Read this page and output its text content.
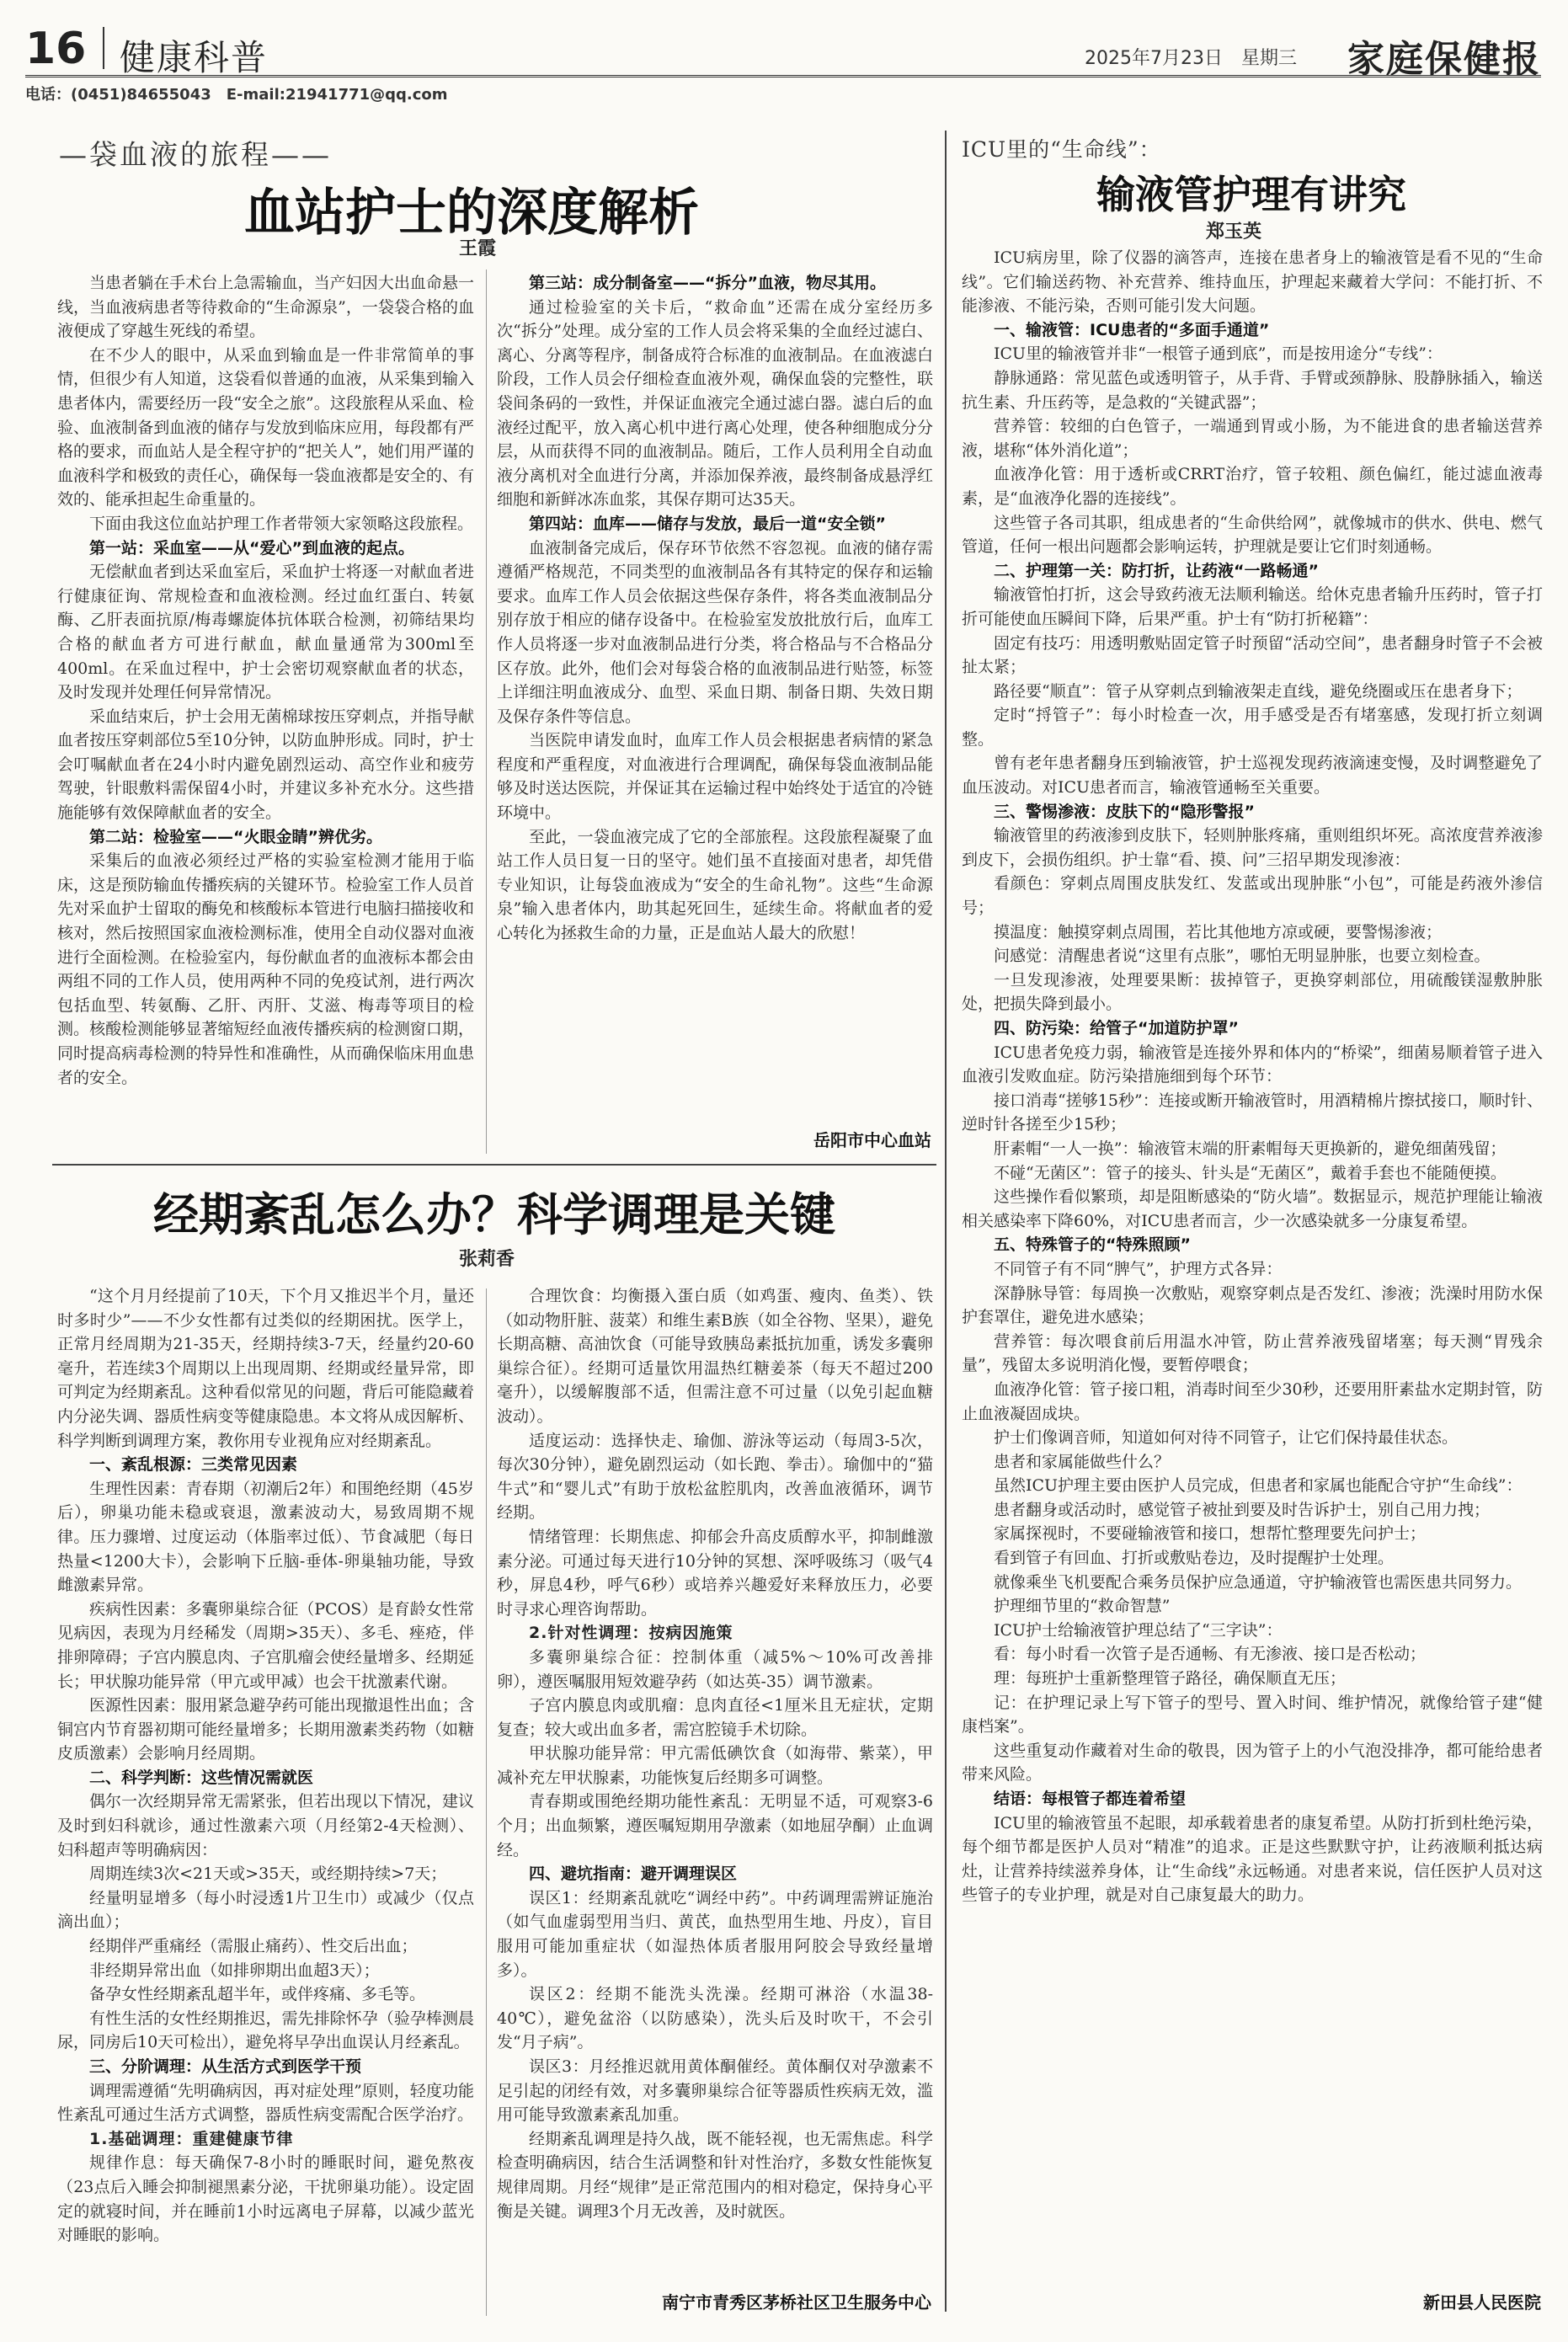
16 健康科普	2025年7月23日　星期三 家庭保健报
电话：(0451)84655043　E-mail:21941771@qq.com
—袋血液的旅程——
血站护士的深度解析
王霞

当患者躺在手术台上急需输血，当产妇因大出血命悬一线，当血液病患者等待救命的“生命源泉”，一袋袋合格的血液便成了穿越生死线的希望。

在不少人的眼中，从采血到输血是一件非常简单的事情，但很少有人知道，这袋看似普通的血液，从采集到输入患者体内，需要经历一段“安全之旅”。这段旅程从采血、检验、血液制备到血液的储存与发放到临床应用，每段都有严格的要求，而血站人是全程守护的“把关人”，她们用严谨的血液科学和极致的责任心，确保每一袋血液都是安全的、有效的、能承担起生命重量的。

下面由我这位血站护理工作者带领大家领略这段旅程。

第一站：采血室——从“爱心”到血液的起点。

无偿献血者到达采血室后，采血护士将逐一对献血者进行健康征询、常规检查和血液检测。经过血红蛋白、转氨酶、乙肝表面抗原/梅毒螺旋体抗体联合检测，初筛结果均合格的献血者方可进行献血，献血量通常为300ml至400ml。在采血过程中，护士会密切观察献血者的状态，及时发现并处理任何异常情况。

采血结束后，护士会用无菌棉球按压穿刺点，并指导献血者按压穿刺部位5至10分钟，以防血肿形成。同时，护士会叮嘱献血者在24小时内避免剧烈运动、高空作业和疲劳驾驶，针眼敷料需保留4小时，并建议多补充水分。这些措施能够有效保障献血者的安全。

第二站：检验室——“火眼金睛”辨优劣。

采集后的血液必须经过严格的实验室检测才能用于临床，这是预防输血传播疾病的关键环节。检验室工作人员首先对采血护士留取的酶免和核酸标本管进行电脑扫描接收和核对，然后按照国家血液检测标准，使用全自动仪器对血液进行全面检测。在检验室内，每份献血者的血液标本都会由两组不同的工作人员，使用两种不同的免疫试剂，进行两次包括血型、转氨酶、乙肝、丙肝、艾滋、梅毒等项目的检测。核酸检测能够显著缩短经血液传播疾病的检测窗口期，同时提高病毒检测的特异性和准确性，从而确保临床用血患者的安全。

第三站：成分制备室——“拆分”血液，物尽其用。

通过检验室的关卡后，“救命血”还需在成分室经历多次“拆分”处理。成分室的工作人员会将采集的全血经过滤白、离心、分离等程序，制备成符合标准的血液制品。在血液滤白阶段，工作人员会仔细检查血液外观，确保血袋的完整性，联袋间条码的一致性，并保证血液完全通过滤白器。滤白后的血液经过配平，放入离心机中进行离心处理，使各种细胞成分分层，从而获得不同的血液制品。随后，工作人员利用全自动血液分离机对全血进行分离，并添加保养液，最终制备成悬浮红细胞和新鲜冰冻血浆，其保存期可达35天。

第四站：血库——储存与发放，最后一道“安全锁”

血液制备完成后，保存环节依然不容忽视。血液的储存需遵循严格规范，不同类型的血液制品各有其特定的保存和运输要求。血库工作人员会依据这些保存条件，将各类血液制品分别存放于相应的储存设备中。在检验室发放批放行后，血库工作人员将逐一步对血液制品进行分类，将合格品与不合格品分区存放。此外，他们会对每袋合格的血液制品进行贴签，标签上详细注明血液成分、血型、采血日期、制备日期、失效日期及保存条件等信息。

当医院申请发血时，血库工作人员会根据患者病情的紧急程度和严重程度，对血液进行合理调配，确保每袋血液制品能够及时送达医院，并保证其在运输过程中始终处于适宜的冷链环境中。

至此，一袋血液完成了它的全部旅程。这段旅程凝聚了血站工作人员日复一日的坚守。她们虽不直接面对患者，却凭借专业知识，让每袋血液成为“安全的生命礼物”。这些“生命源泉”输入患者体内，助其起死回生，延续生命。将献血者的爱心转化为拯救生命的力量，正是血站人最大的欣慰！

岳阳市中心血站
经期紊乱怎么办？科学调理是关键
张莉香

“这个月月经提前了10天，下个月又推迟半个月，量还时多时少”——不少女性都有过类似的经期困扰。医学上，正常月经周期为21-35天，经期持续3-7天，经量约20-60毫升，若连续3个周期以上出现周期、经期或经量异常，即可判定为经期紊乱。这种看似常见的问题，背后可能隐藏着内分泌失调、器质性病变等健康隐患。本文将从成因解析、科学判断到调理方案，教你用专业视角应对经期紊乱。

一、紊乱根源：三类常见因素

生理性因素：青春期（初潮后2年）和围绝经期（45岁后），卵巢功能未稳或衰退，激素波动大，易致周期不规律。压力骤增、过度运动（体脂率过低）、节食减肥（每日热量<1200大卡），会影响下丘脑-垂体-卵巢轴功能，导致雌激素异常。

疾病性因素：多囊卵巢综合征（PCOS）是育龄女性常见病因，表现为月经稀发（周期>35天）、多毛、痤疮，伴排卵障碍；子宫内膜息肉、子宫肌瘤会使经量增多、经期延长；甲状腺功能异常（甲亢或甲减）也会干扰激素代谢。

医源性因素：服用紧急避孕药可能出现撤退性出血；含铜宫内节育器初期可能经量增多；长期用激素类药物（如糖皮质激素）会影响月经周期。

二、科学判断：这些情况需就医

偶尔一次经期异常无需紧张，但若出现以下情况，建议及时到妇科就诊，通过性激素六项（月经第2-4天检测）、妇科超声等明确病因：

周期连续3次<21天或>35天，或经期持续>7天；

经量明显增多（每小时浸透1片卫生巾）或减少（仅点滴出血）；

经期伴严重痛经（需服止痛药）、性交后出血；

非经期异常出血（如排卵期出血超3天）；

备孕女性经期紊乱超半年，或伴疼痛、多毛等。

有性生活的女性经期推迟，需先排除怀孕（验孕棒测晨尿，同房后10天可检出），避免将早孕出血误认月经紊乱。

三、分阶调理：从生活方式到医学干预

调理需遵循“先明确病因，再对症处理”原则，轻度功能性紊乱可通过生活方式调整，器质性病变需配合医学治疗。

1.基础调理：重建健康节律

规律作息：每天确保7-8小时的睡眠时间，避免熬夜（23点后入睡会抑制褪黑素分泌，干扰卵巢功能）。设定固定的就寝时间，并在睡前1小时远离电子屏幕，以减少蓝光对睡眠的影响。

合理饮食：均衡摄入蛋白质（如鸡蛋、瘦肉、鱼类）、铁（如动物肝脏、菠菜）和维生素B族（如全谷物、坚果），避免长期高糖、高油饮食（可能导致胰岛素抵抗加重，诱发多囊卵巢综合征）。经期可适量饮用温热红糖姜茶（每天不超过200毫升），以缓解腹部不适，但需注意不可过量（以免引起血糖波动）。

适度运动：选择快走、瑜伽、游泳等运动（每周3-5次，每次30分钟），避免剧烈运动（如长跑、拳击）。瑜伽中的“猫牛式”和“婴儿式”有助于放松盆腔肌肉，改善血液循环，调节经期。

情绪管理：长期焦虑、抑郁会升高皮质醇水平，抑制雌激素分泌。可通过每天进行10分钟的冥想、深呼吸练习（吸气4秒，屏息4秒，呼气6秒）或培养兴趣爱好来释放压力，必要时寻求心理咨询帮助。

2.针对性调理：按病因施策

多囊卵巢综合征：控制体重（减5%～10%可改善排卵），遵医嘱服用短效避孕药（如达英-35）调节激素。

子宫内膜息肉或肌瘤：息肉直径<1厘米且无症状，定期复查；较大或出血多者，需宫腔镜手术切除。

甲状腺功能异常：甲亢需低碘饮食（如海带、紫菜），甲减补充左甲状腺素，功能恢复后经期多可调整。

青春期或围绝经期功能性紊乱：无明显不适，可观察3-6个月；出血频繁，遵医嘱短期用孕激素（如地屈孕酮）止血调经。

四、避坑指南：避开调理误区

误区1：经期紊乱就吃“调经中药”。中药调理需辨证施治（如气血虚弱型用当归、黄芪，血热型用生地、丹皮），盲目服用可能加重症状（如湿热体质者服用阿胶会导致经量增多）。

误区2：经期不能洗头洗澡。经期可淋浴（水温38-40℃），避免盆浴（以防感染），洗头后及时吹干，不会引发“月子病”。

误区3：月经推迟就用黄体酮催经。黄体酮仅对孕激素不足引起的闭经有效，对多囊卵巢综合征等器质性疾病无效，滥用可能导致激素紊乱加重。

经期紊乱调理是持久战，既不能轻视，也无需焦虑。科学检查明确病因，结合生活调整和针对性治疗，多数女性能恢复规律周期。月经“规律”是正常范围内的相对稳定，保持身心平衡是关键。调理3个月无改善，及时就医。

南宁市青秀区茅桥社区卫生服务中心
ICU里的“生命线”：
输液管护理有讲究
郑玉英

ICU病房里，除了仪器的滴答声，连接在患者身上的输液管是看不见的“生命线”。它们输送药物、补充营养、维持血压，护理起来藏着大学问：不能打折、不能渗液、不能污染，否则可能引发大问题。

一、输液管：ICU患者的“多面手通道”

ICU里的输液管并非“一根管子通到底”，而是按用途分“专线”：

静脉通路：常见蓝色或透明管子，从手背、手臂或颈静脉、股静脉插入，输送抗生素、升压药等，是急救的“关键武器”；

营养管：较细的白色管子，一端通到胃或小肠，为不能进食的患者输送营养液，堪称“体外消化道”；

血液净化管：用于透析或CRRT治疗，管子较粗、颜色偏红，能过滤血液毒素，是“血液净化器的连接线”。

这些管子各司其职，组成患者的“生命供给网”，就像城市的供水、供电、燃气管道，任何一根出问题都会影响运转，护理就是要让它们时刻通畅。

二、护理第一关：防打折，让药液“一路畅通”

输液管怕打折，这会导致药液无法顺利输送。给休克患者输升压药时，管子打折可能使血压瞬间下降，后果严重。护士有“防打折秘籍”：

固定有技巧：用透明敷贴固定管子时预留“活动空间”，患者翻身时管子不会被扯太紧；

路径要“顺直”：管子从穿刺点到输液架走直线，避免绕圈或压在患者身下；

定时“捋管子”：每小时检查一次，用手感受是否有堵塞感，发现打折立刻调整。

曾有老年患者翻身压到输液管，护士巡视发现药液滴速变慢，及时调整避免了血压波动。对ICU患者而言，输液管通畅至关重要。

三、警惕渗液：皮肤下的“隐形警报”

输液管里的药液渗到皮肤下，轻则肿胀疼痛，重则组织坏死。高浓度营养液渗到皮下，会损伤组织。护士靠“看、摸、问”三招早期发现渗液：

看颜色：穿刺点周围皮肤发红、发蓝或出现肿胀“小包”，可能是药液外渗信号；

摸温度：触摸穿刺点周围，若比其他地方凉或硬，要警惕渗液；

问感觉：清醒患者说“这里有点胀”，哪怕无明显肿胀，也要立刻检查。

一旦发现渗液，处理要果断：拔掉管子，更换穿刺部位，用硫酸镁湿敷肿胀处，把损失降到最小。

四、防污染：给管子“加道防护罩”

ICU患者免疫力弱，输液管是连接外界和体内的“桥梁”，细菌易顺着管子进入血液引发败血症。防污染措施细到每个环节：

接口消毒“搓够15秒”：连接或断开输液管时，用酒精棉片擦拭接口，顺时针、逆时针各搓至少15秒；

肝素帽“一人一换”：输液管末端的肝素帽每天更换新的，避免细菌残留；

不碰“无菌区”：管子的接头、针头是“无菌区”，戴着手套也不能随便摸。

这些操作看似繁琐，却是阻断感染的“防火墙”。数据显示，规范护理能让输液相关感染率下降60%，对ICU患者而言，少一次感染就多一分康复希望。

五、特殊管子的“特殊照顾”

不同管子有不同“脾气”，护理方式各异：

深静脉导管：每周换一次敷贴，观察穿刺点是否发红、渗液；洗澡时用防水保护套罩住，避免进水感染；

营养管：每次喂食前后用温水冲管，防止营养液残留堵塞；每天测“胃残余量”，残留太多说明消化慢，要暂停喂食；

血液净化管：管子接口粗，消毒时间至少30秒，还要用肝素盐水定期封管，防止血液凝固成块。

护士们像调音师，知道如何对待不同管子，让它们保持最佳状态。

患者和家属能做些什么？

虽然ICU护理主要由医护人员完成，但患者和家属也能配合守护“生命线”：

患者翻身或活动时，感觉管子被扯到要及时告诉护士，别自己用力拽；

家属探视时，不要碰输液管和接口，想帮忙整理要先问护士；

看到管子有回血、打折或敷贴卷边，及时提醒护士处理。

就像乘坐飞机要配合乘务员保护应急通道，守护输液管也需医患共同努力。

护理细节里的“救命智慧”

ICU护士给输液管护理总结了“三字诀”：

看：每小时看一次管子是否通畅、有无渗液、接口是否松动；

理：每班护士重新整理管子路径，确保顺直无压；

记：在护理记录上写下管子的型号、置入时间、维护情况，就像给管子建“健康档案”。

这些重复动作藏着对生命的敬畏，因为管子上的小气泡没排净，都可能给患者带来风险。

结语：每根管子都连着希望

ICU里的输液管虽不起眼，却承载着患者的康复希望。从防打折到杜绝污染，每个细节都是医护人员对“精准”的追求。正是这些默默守护，让药液顺利抵达病灶，让营养持续滋养身体，让“生命线”永远畅通。对患者来说，信任医护人员对这些管子的专业护理，就是对自己康复最大的助力。

新田县人民医院
